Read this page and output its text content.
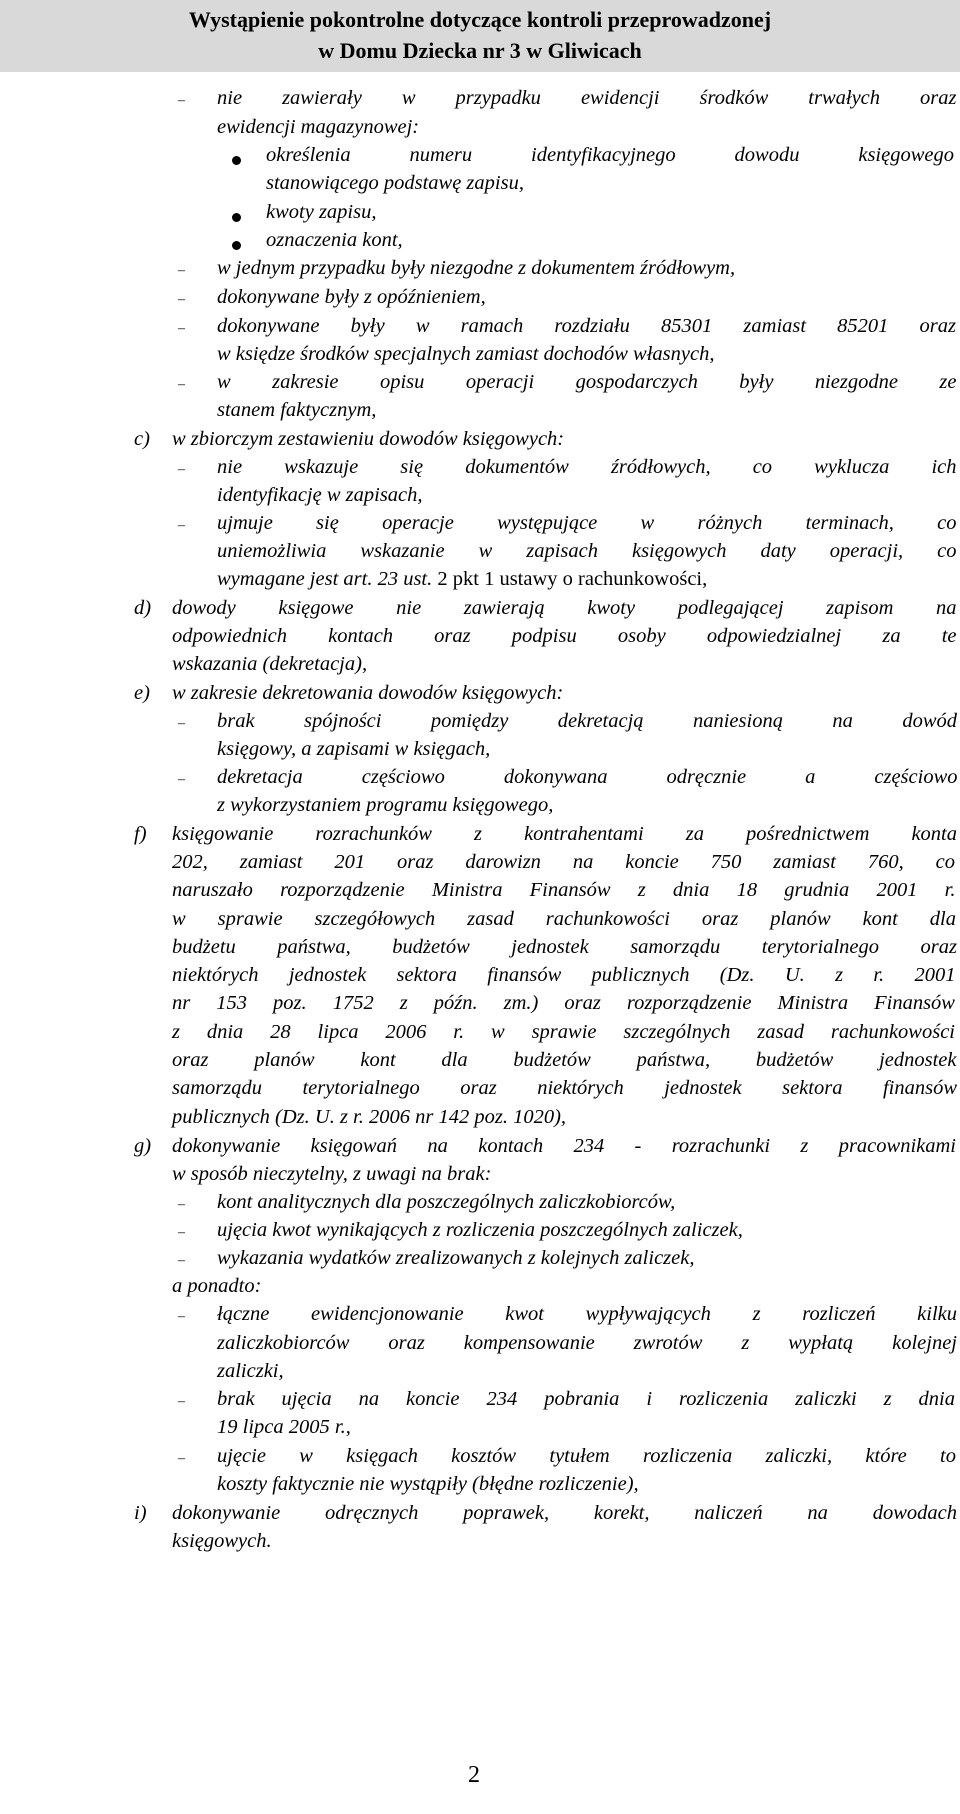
Wystąpienie pokontrolne dotyczące kontroli przeprowadzonej
w Domu Dziecka nr 3 w Gliwicach
–
–
–
–
–
c)
–
–
d)
e)
–
–
f)
g)
–
–
–
–
–
–
i)
nie zawierały w przypadku ewidencji środków trwałych oraz
ewidencji magazynowej:
określenia numeru identyfikacyjnego dowodu księgowego
stanowiącego podstawę zapisu,
kwoty zapisu,
oznaczenia kont,
w jednym przypadku były niezgodne z dokumentem źródłowym,
dokonywane były z opóźnieniem,
dokonywane były w ramach rozdziału 85301 zamiast 85201 oraz
w księdze środków specjalnych zamiast dochodów własnych,
w zakresie opisu operacji gospodarczych były niezgodne ze
stanem faktycznym,
w zbiorczym zestawieniu dowodów księgowych:
nie wskazuje się dokumentów źródłowych, co wyklucza ich
identyfikację w zapisach,
ujmuje się operacje występujące w różnych terminach, co
uniemożliwia wskazanie w zapisach księgowych daty operacji, co
wymagane jest art. 23 ust. 2 pkt 1 ustawy o rachunkowości,
dowody księgowe nie zawierają kwoty podlegającej zapisom na
odpowiednich kontach oraz podpisu osoby odpowiedzialnej za te
wskazania (dekretacja),
w zakresie dekretowania dowodów księgowych:
brak spójności pomiędzy dekretacją naniesioną na dowód
księgowy, a zapisami w księgach,
dekretacja częściowo dokonywana odręcznie a częściowo
z wykorzystaniem programu księgowego,
księgowanie rozrachunków z kontrahentami za pośrednictwem konta
202, zamiast 201 oraz darowizn na koncie 750 zamiast 760, co
naruszało rozporządzenie Ministra Finansów z dnia 18 grudnia 2001 r.
w sprawie szczegółowych zasad rachunkowości oraz planów kont dla
budżetu państwa, budżetów jednostek samorządu terytorialnego oraz
niektórych jednostek sektora finansów publicznych (Dz. U. z r. 2001
nr 153 poz. 1752 z późn. zm.) oraz rozporządzenie Ministra Finansów
z dnia 28 lipca 2006 r. w sprawie szczególnych zasad rachunkowości
oraz planów kont dla budżetów państwa, budżetów jednostek
samorządu terytorialnego oraz niektórych jednostek sektora finansów
publicznych (Dz. U. z r. 2006 nr 142 poz. 1020),
dokonywanie księgowań na kontach 234 - rozrachunki z pracownikami
w sposób nieczytelny, z uwagi na brak:
kont analitycznych dla poszczególnych zaliczkobiorców,
ujęcia kwot wynikających z rozliczenia poszczególnych zaliczek,
wykazania wydatków zrealizowanych z kolejnych zaliczek,
a ponadto:
łączne ewidencjonowanie kwot wypływających z rozliczeń kilku
zaliczkobiorców oraz kompensowanie zwrotów z wypłatą kolejnej
zaliczki,
brak ujęcia na koncie 234 pobrania i rozliczenia zaliczki z dnia
19 lipca 2005 r.,
ujęcie w księgach kosztów tytułem rozliczenia zaliczki, które to
koszty faktycznie nie wystąpiły (błędne rozliczenie),
dokonywanie odręcznych poprawek, korekt, naliczeń na dowodach
księgowych.
2
